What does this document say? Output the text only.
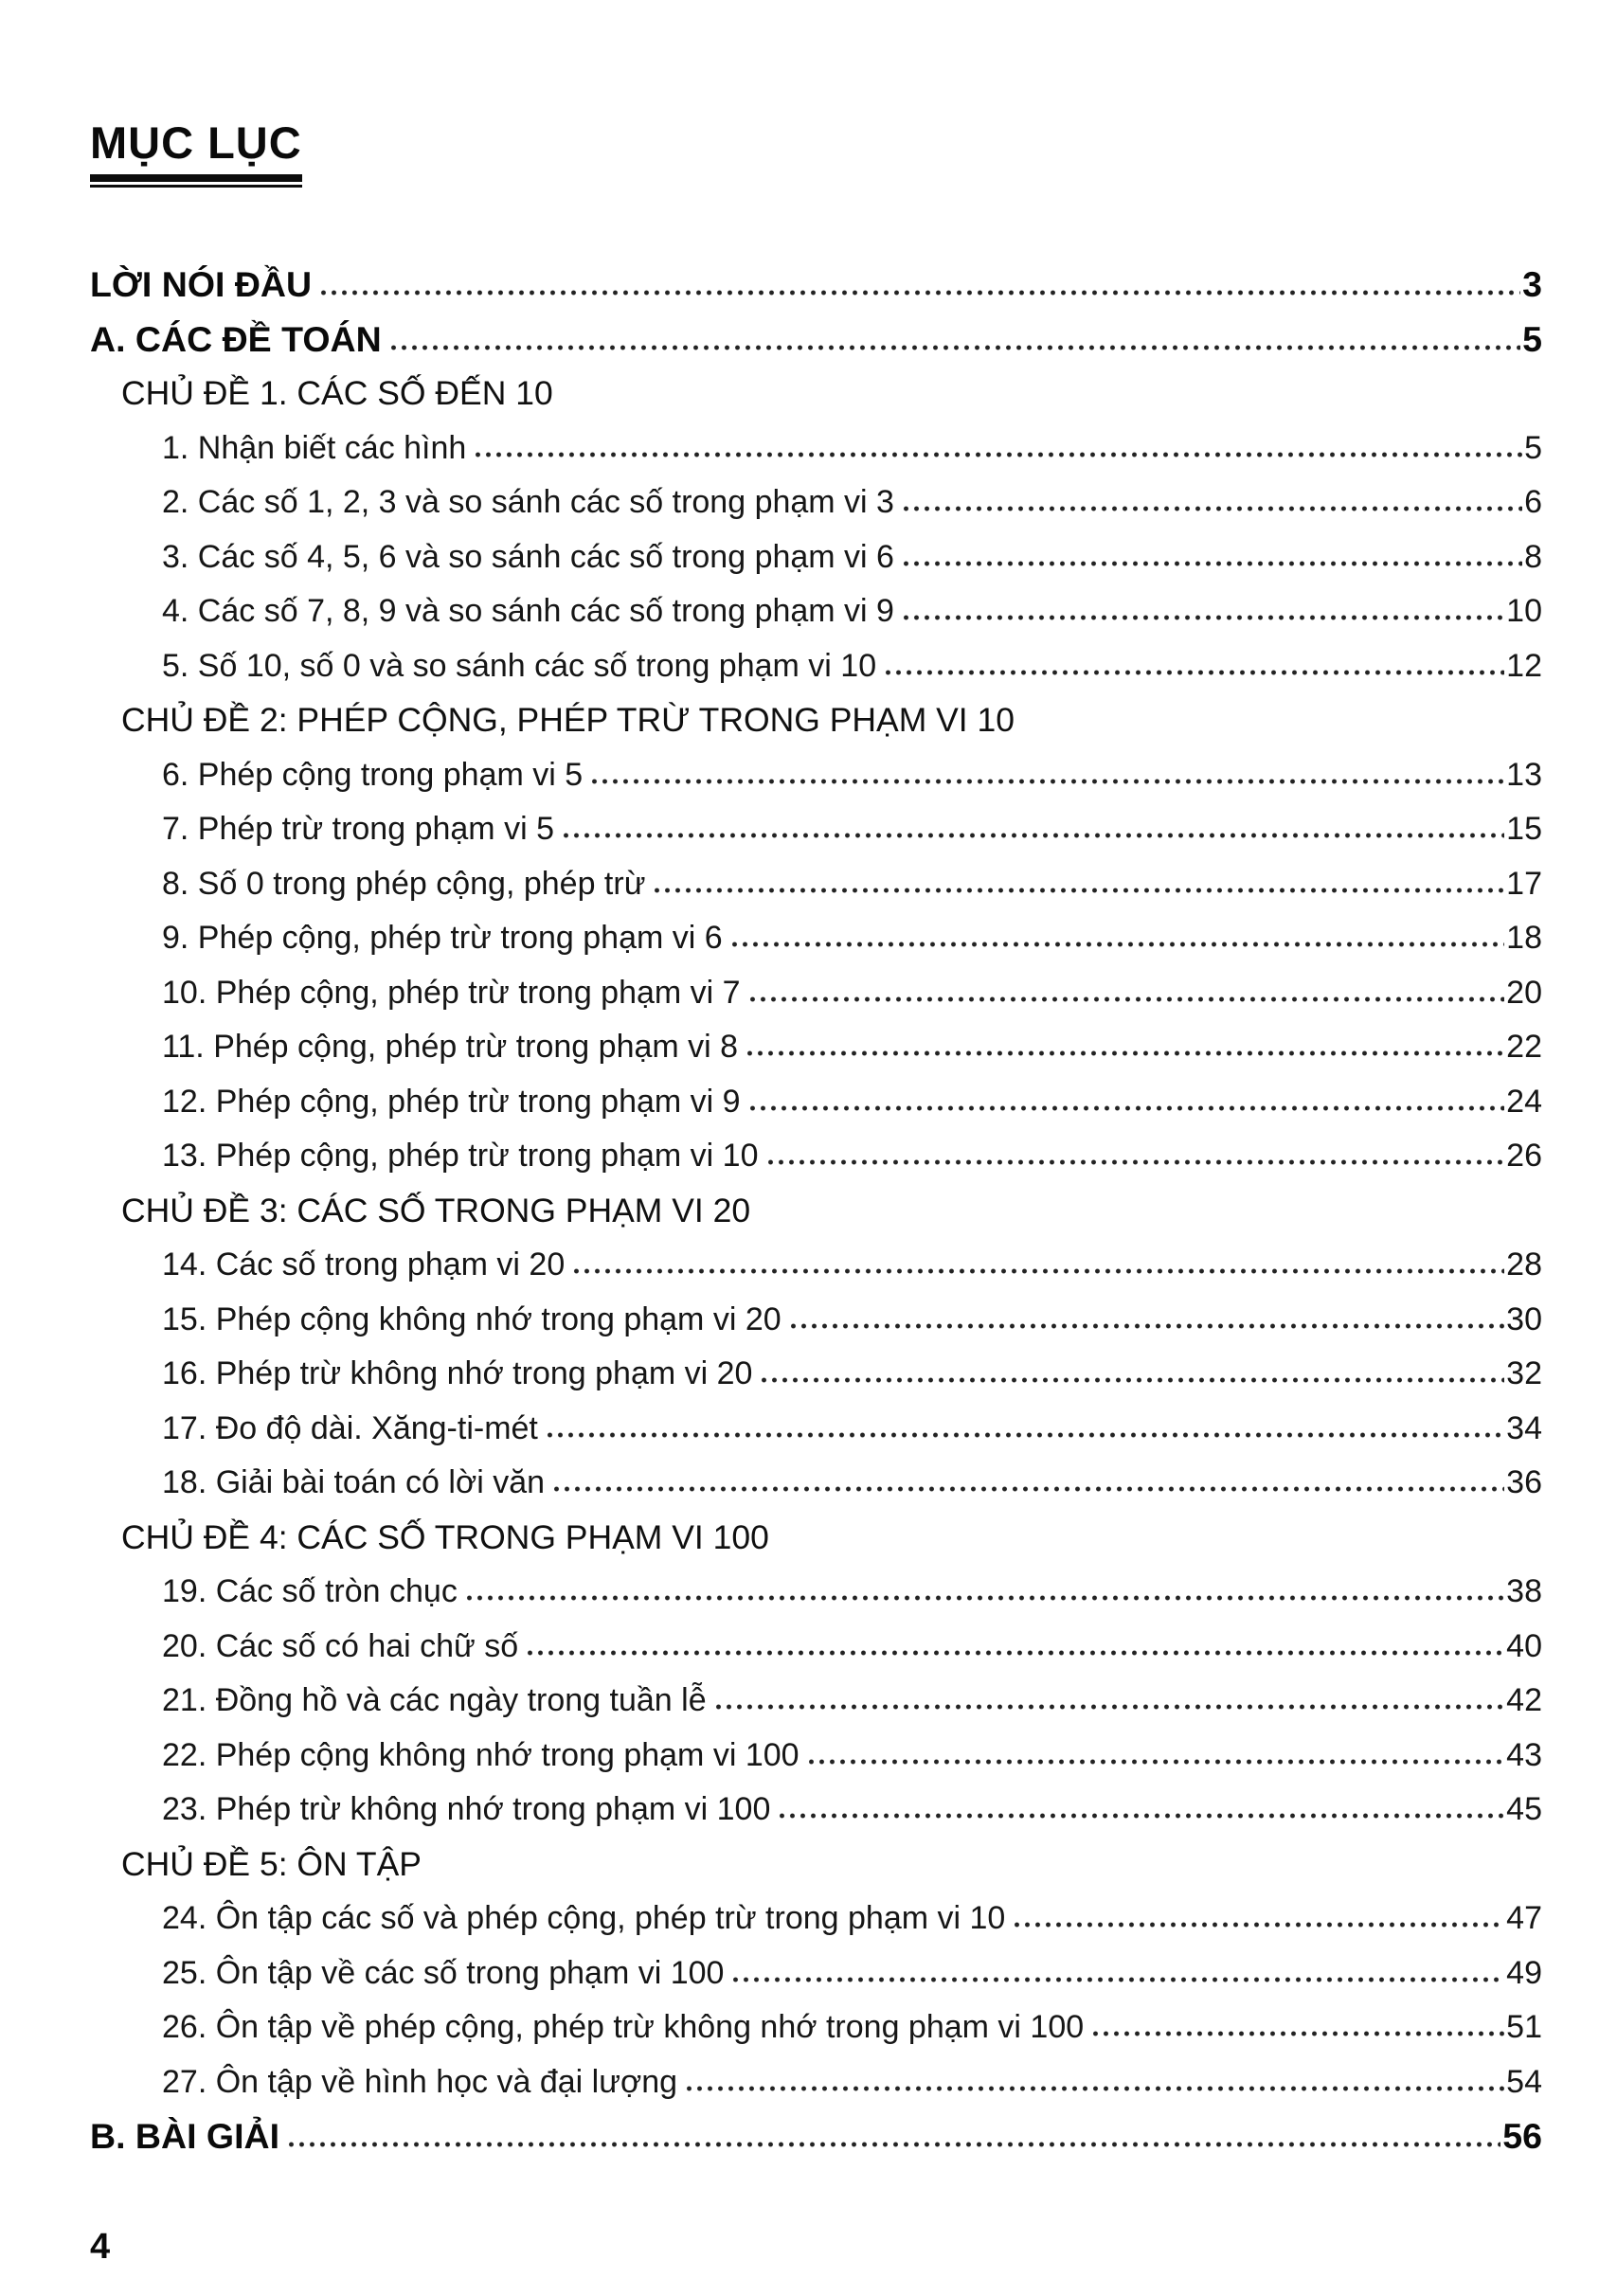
MỤC LỤC
LỜI NÓI ĐẦU	3
A. CÁC ĐỀ TOÁN	5
CHỦ ĐỀ 1. CÁC SỐ ĐẾN 10
1. Nhận biết các hình	5
2. Các số 1, 2, 3 và so sánh các số trong phạm vi 3	6
3. Các số 4, 5, 6 và so sánh các số trong phạm vi 6	8
4. Các số 7, 8, 9 và so sánh các số trong phạm vi 9	10
5. Số 10, số 0 và so sánh các số trong phạm vi 10	12
CHỦ ĐỀ 2: PHÉP CỘNG, PHÉP TRỪ TRONG PHẠM VI 10
6. Phép cộng trong phạm vi 5	13
7. Phép trừ trong phạm vi 5	15
8. Số 0 trong phép cộng, phép trừ	17
9. Phép cộng, phép trừ trong phạm vi 6	18
10. Phép cộng, phép trừ trong phạm vi 7	20
11. Phép cộng, phép trừ trong phạm vi 8	22
12. Phép cộng, phép trừ trong phạm vi 9	24
13. Phép cộng, phép trừ trong phạm vi 10	26
CHỦ ĐỀ 3: CÁC SỐ TRONG PHẠM VI 20
14. Các số trong phạm vi 20	28
15. Phép cộng không nhớ trong phạm vi 20	30
16. Phép trừ không nhớ trong phạm vi 20	32
17. Đo độ dài. Xăng-ti-mét	34
18. Giải bài toán có lời văn	36
CHỦ ĐỀ 4: CÁC SỐ TRONG PHẠM VI 100
19. Các số tròn chục	38
20. Các số có hai chữ số	40
21. Đồng hồ và các ngày trong tuần lễ	42
22. Phép cộng không nhớ trong phạm vi 100	43
23. Phép trừ không nhớ trong phạm vi 100	45
CHỦ ĐỀ 5: ÔN TẬP
24. Ôn tập các số và phép cộng, phép trừ trong phạm vi 10	47
25. Ôn tập về các số trong phạm vi 100	49
26. Ôn tập về phép cộng, phép trừ không nhớ trong phạm vi 100	51
27. Ôn tập về hình học và đại lượng	54
B. BÀI GIẢI	56
4
